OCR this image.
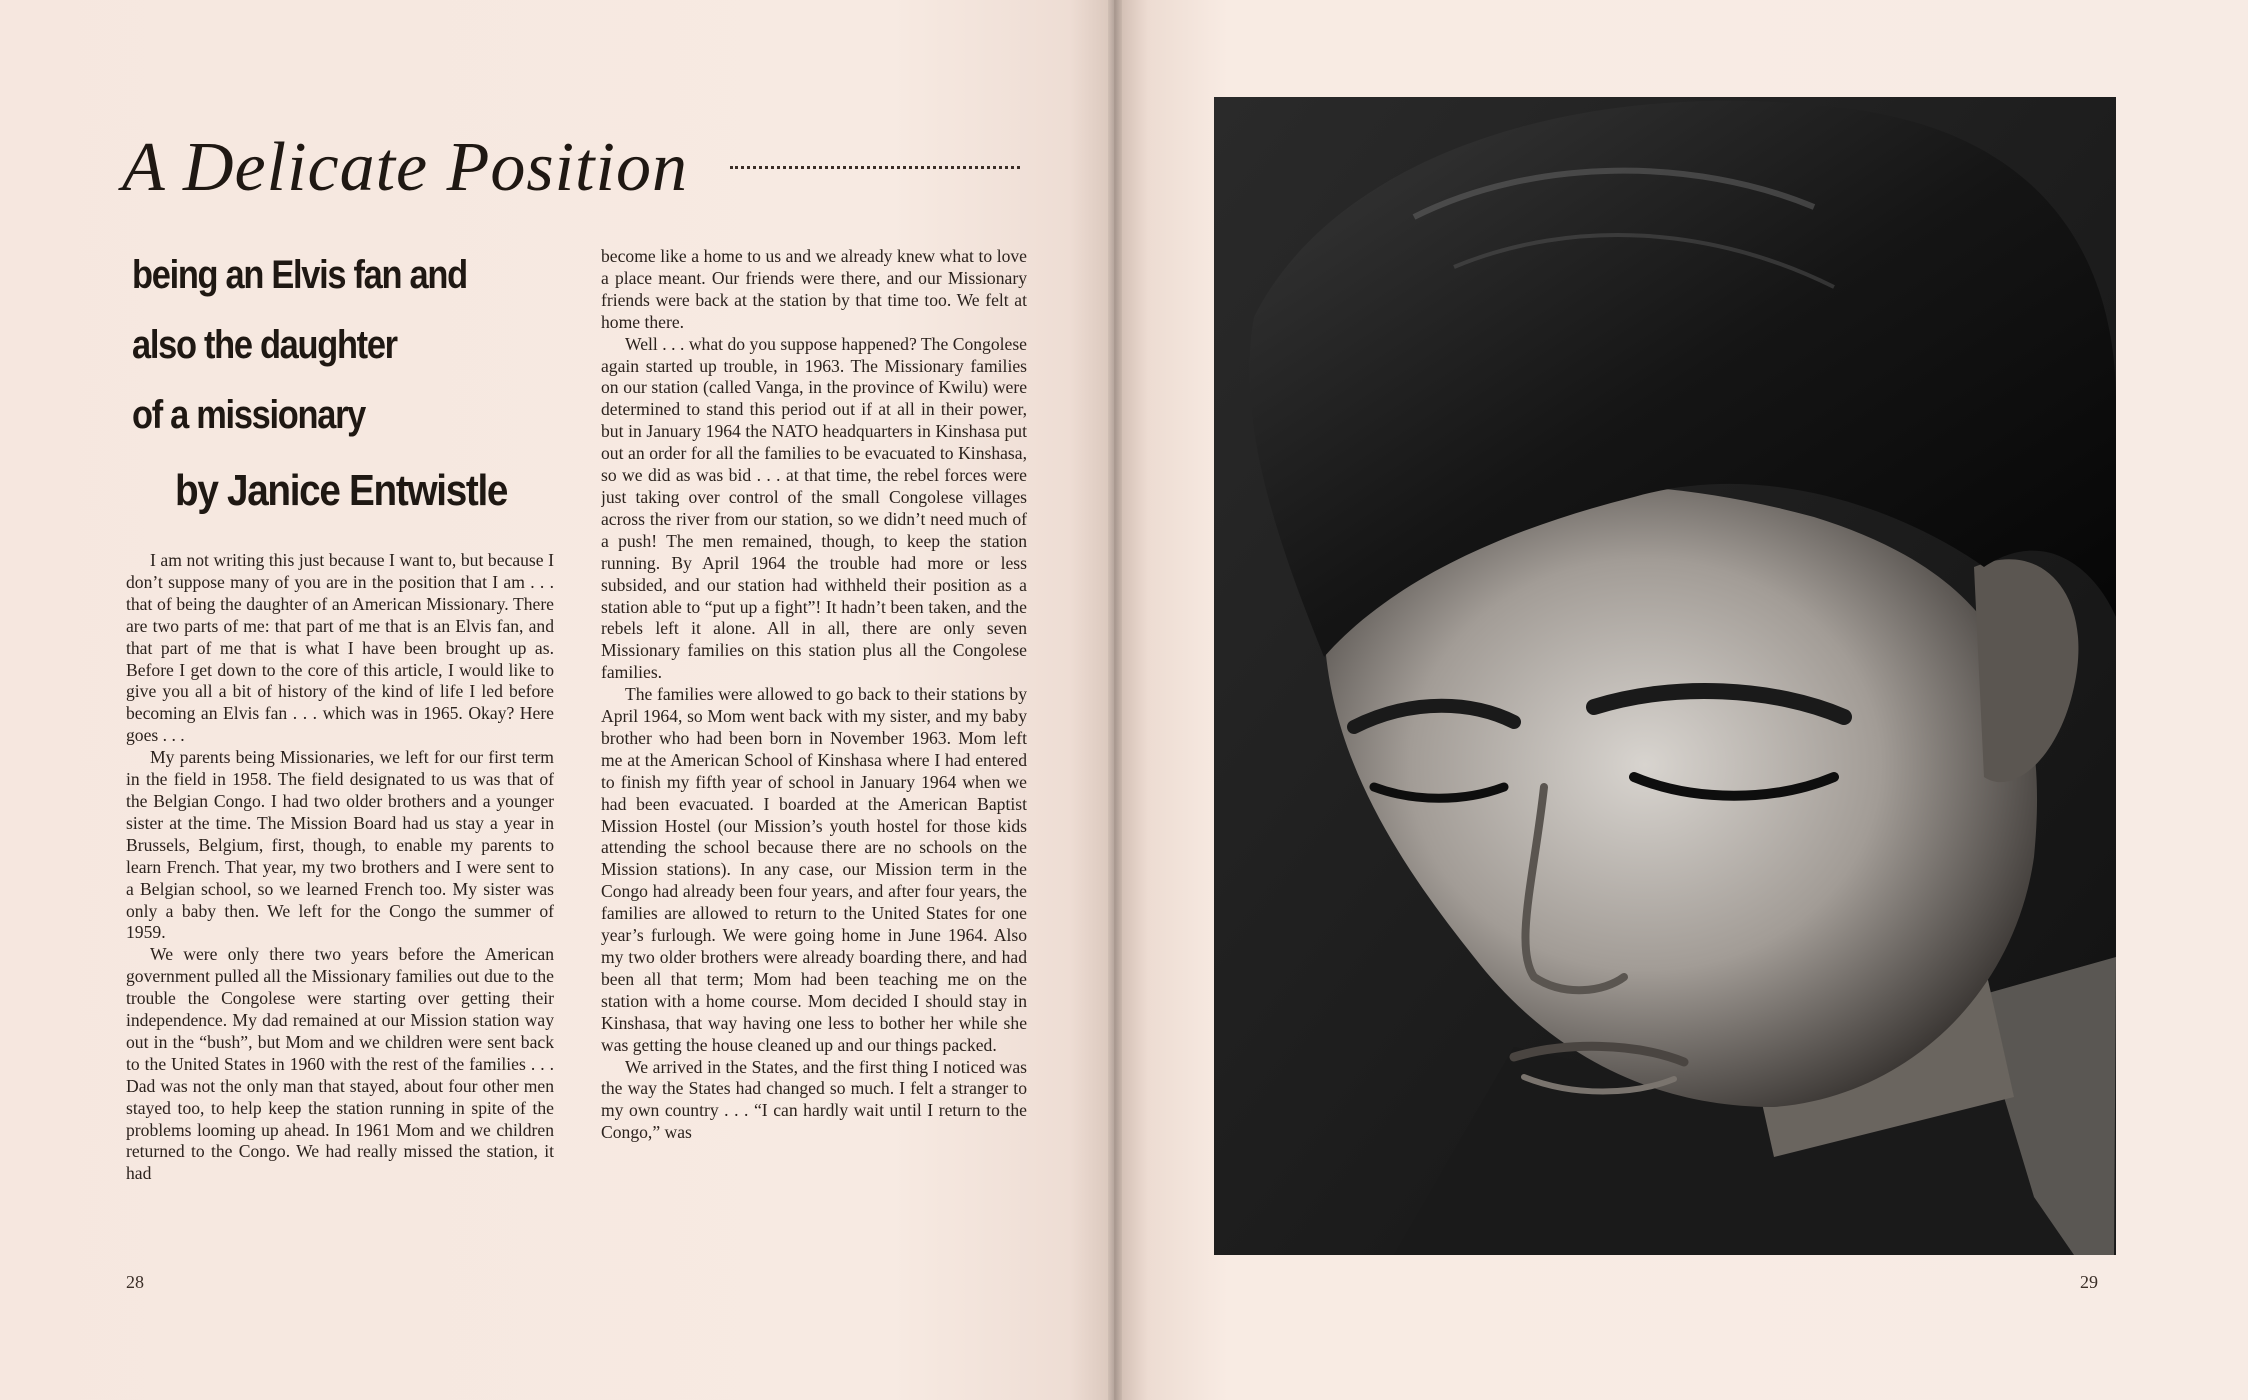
A Delicate Position
being an Elvis fan and
also the daughter
of a missionary
by Janice Entwistle

I am not writing this just because I want to, but because I don’t suppose many of you are in the position that I am . . . that of being the daughter of an American Missionary. There are two parts of me: that part of me that is an Elvis fan, and that part of me that is what I have been brought up as. Before I get down to the core of this article, I would like to give you all a bit of history of the kind of life I led before becoming an Elvis fan . . . which was in 1965. Okay? Here goes . . .

My parents being Missionaries, we left for our first term in the field in 1958. The field designated to us was that of the Belgian Congo. I had two older brothers and a younger sister at the time. The Mission Board had us stay a year in Brussels, Belgium, first, though, to enable my parents to learn French. That year, my two brothers and I were sent to a Belgian school, so we learned French too. My sister was only a baby then. We left for the Congo the summer of 1959.

We were only there two years before the American government pulled all the Missionary families out due to the trouble the Congolese were starting over getting their independence. My dad remained at our Mission station way out in the “bush”, but Mom and we children were sent back to the United States in 1960 with the rest of the families . . . Dad was not the only man that stayed, about four other men stayed too, to help keep the station running in spite of the problems looming up ahead. In 1961 Mom and we children returned to the Congo. We had really missed the station, it had

become like a home to us and we already knew what to love a place meant. Our friends were there, and our Missionary friends were back at the station by that time too. We felt at home there.

Well . . . what do you suppose happened? The Congolese again started up trouble, in 1963. The Missionary families on our station (called Vanga, in the province of Kwilu) were determined to stand this period out if at all in their power, but in January 1964 the NATO headquarters in Kinshasa put out an order for all the families to be evacuated to Kinshasa, so we did as was bid . . . at that time, the rebel forces were just taking over control of the small Congolese villages across the river from our station, so we didn’t need much of a push! The men remained, though, to keep the station running. By April 1964 the trouble had more or less subsided, and our station had withheld their position as a station able to “put up a fight”! It hadn’t been taken, and the rebels left it alone. All in all, there are only seven Missionary families on this station plus all the Congolese families.

The families were allowed to go back to their stations by April 1964, so Mom went back with my sister, and my baby brother who had been born in November 1963. Mom left me at the American School of Kinshasa where I had entered to finish my fifth year of school in January 1964 when we had been evacuated. I boarded at the American Baptist Mission Hostel (our Mission’s youth hostel for those kids attending the school because there are no schools on the Mission stations). In any case, our Mission term in the Congo had already been four years, and after four years, the families are allowed to return to the United States for one year’s furlough. We were going home in June 1964. Also my two older brothers were already boarding there, and had been all that term; Mom had been teaching me on the station with a home course. Mom decided I should stay in Kinshasa, that way having one less to bother her while she was getting the house cleaned up and our things packed.

We arrived in the States, and the first thing I noticed was the way the States had changed so much. I felt a stranger to my own country . . . “I can hardly wait until I return to the Congo,” was

28	29
